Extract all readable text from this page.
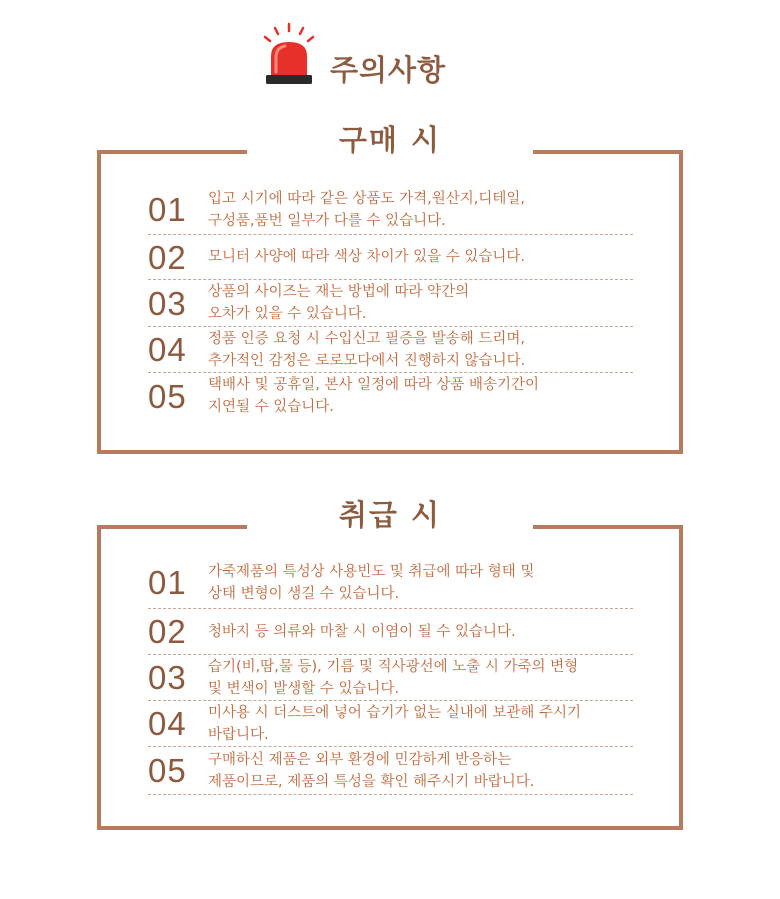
주의사항
구매 시
01	입고 시기에 따라 같은 상품도 가격,원산지,디테일,
구성품,품번 일부가 다를 수 있습니다.
02	모니터 사양에 따라 색상 차이가 있을 수 있습니다.
03	상품의 사이즈는 재는 방법에 따라 약간의
오차가 있을 수 있습니다.
04	정품 인증 요청 시 수입신고 필증을 발송해 드리며,
추가적인 감정은 로로모다에서 진행하지 않습니다.
05	택배사 및 공휴일, 본사 일정에 따라 상품 배송기간이
지연될 수 있습니다.
취급 시
01	가죽제품의 특성상 사용빈도 및 취급에 따라 형태 및
상태 변형이 생길 수 있습니다.
02	청바지 등 의류와 마찰 시 이염이 될 수 있습니다.
03	습기(비,땀,물 등), 기름 및 직사광선에 노출 시 가죽의 변형
및 변색이 발생할 수 있습니다.
04	미사용 시 더스트에 넣어 습기가 없는 실내에 보관해 주시기
바랍니다.
05	구매하신 제품은 외부 환경에 민감하게 반응하는
제품이므로, 제품의 특성을 확인 해주시기 바랍니다.
